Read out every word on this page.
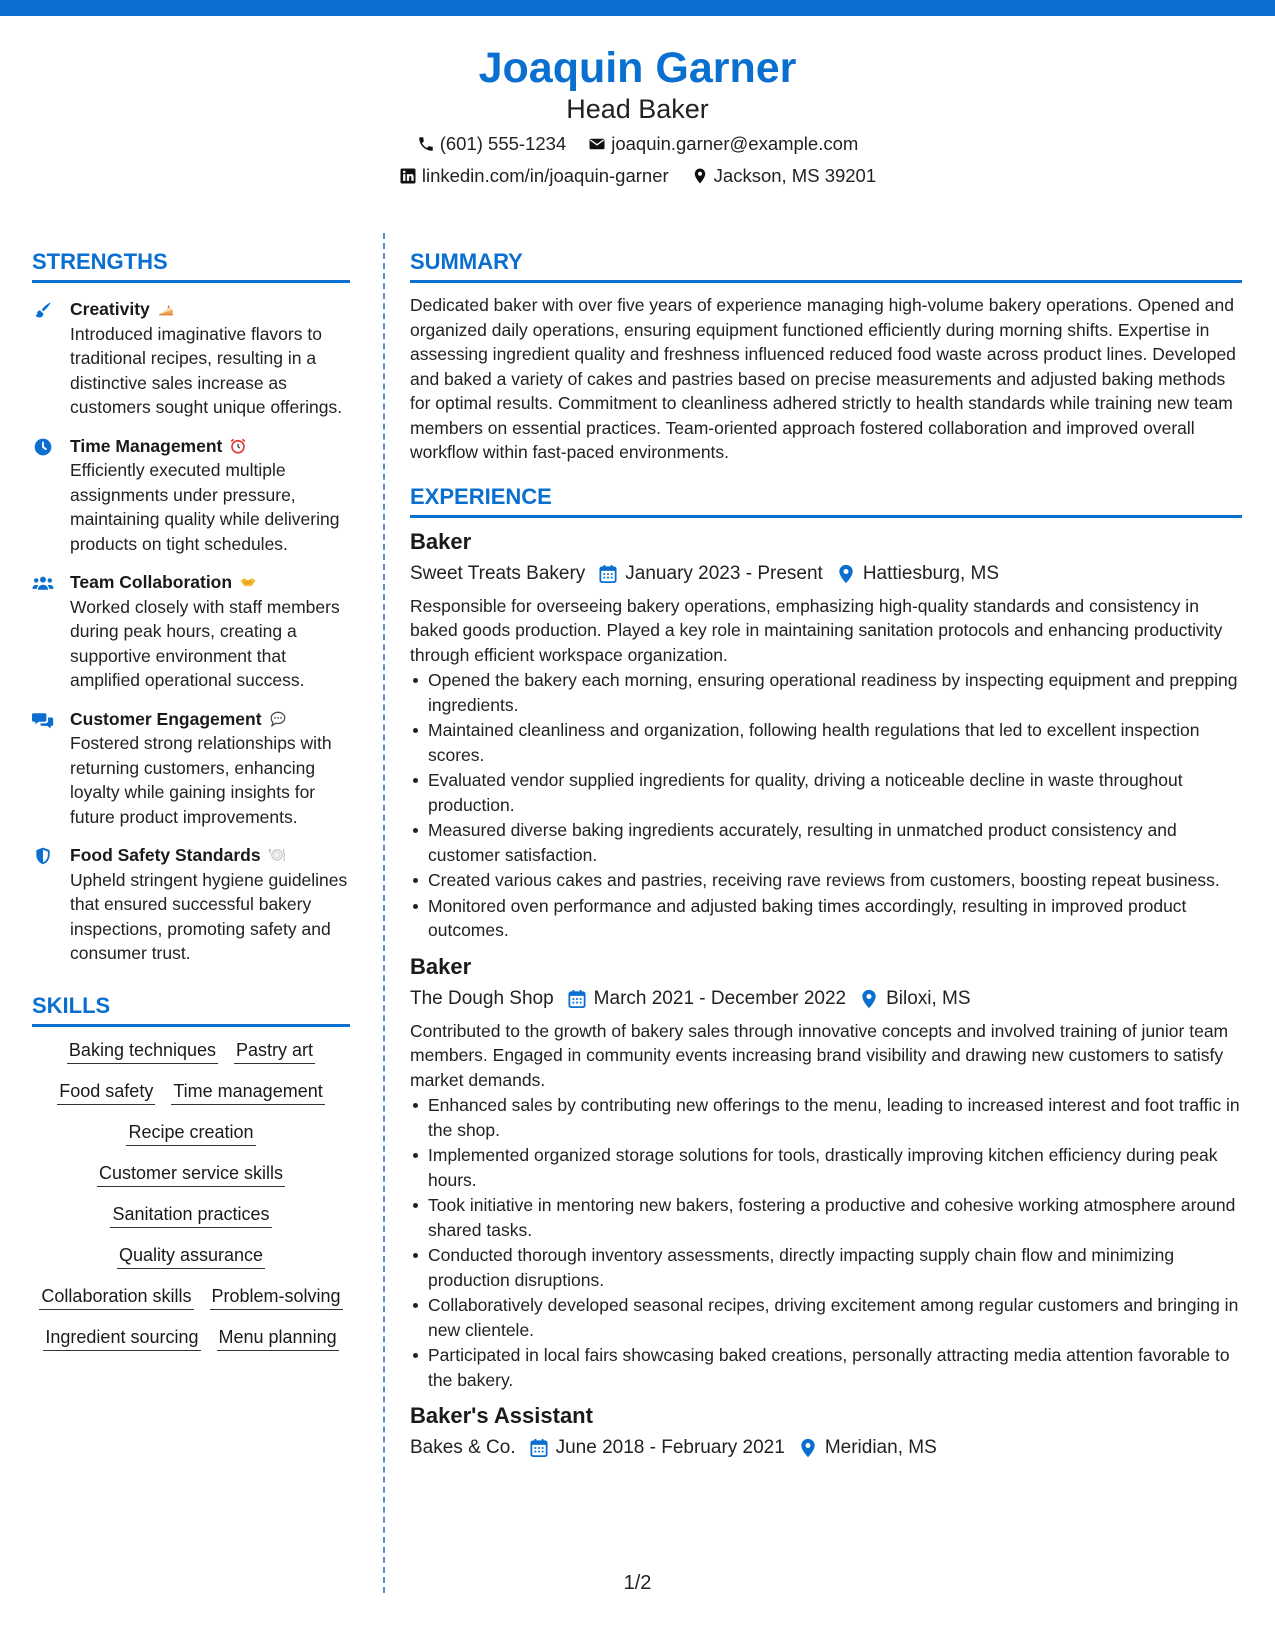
Joaquin Garner
Head Baker
(601) 555-1234 joaquin.garner@example.com
linkedin.com/in/joaquin-garner Jackson, MS 39201
STRENGTHS
Creativity
Introduced imaginative flavors to traditional recipes, resulting in a distinctive sales increase as customers sought unique offerings.
Time Management
Efficiently executed multiple assignments under pressure, maintaining quality while delivering products on tight schedules.
Team Collaboration
Worked closely with staff members during peak hours, creating a supportive environment that amplified operational success.
Customer Engagement
Fostered strong relationships with returning customers, enhancing loyalty while gaining insights for future product improvements.
Food Safety Standards
Upheld stringent hygiene guidelines that ensured successful bakery inspections, promoting safety and consumer trust.
SKILLS
Baking techniques Pastry art
Food safety Time management
Recipe creation
Customer service skills
Sanitation practices
Quality assurance
Collaboration skills Problem-solving
Ingredient sourcing Menu planning
SUMMARY
Dedicated baker with over five years of experience managing high-volume bakery operations. Opened and organized daily operations, ensuring equipment functioned efficiently during morning shifts. Expertise in assessing ingredient quality and freshness influenced reduced food waste across product lines. Developed and baked a variety of cakes and pastries based on precise measurements and adjusted baking methods for optimal results. Commitment to cleanliness adhered strictly to health standards while training new team members on essential practices. Team-oriented approach fostered collaboration and improved overall workflow within fast-paced environments.
EXPERIENCE
Baker
Sweet Treats Bakery January 2023 - Present Hattiesburg, MS
Responsible for overseeing bakery operations, emphasizing high-quality standards and consistency in baked goods production. Played a key role in maintaining sanitation protocols and enhancing productivity through efficient workspace organization.
Opened the bakery each morning, ensuring operational readiness by inspecting equipment and prepping ingredients.
Maintained cleanliness and organization, following health regulations that led to excellent inspection scores.
Evaluated vendor supplied ingredients for quality, driving a noticeable decline in waste throughout production.
Measured diverse baking ingredients accurately, resulting in unmatched product consistency and customer satisfaction.
Created various cakes and pastries, receiving rave reviews from customers, boosting repeat business.
Monitored oven performance and adjusted baking times accordingly, resulting in improved product outcomes.
Baker
The Dough Shop March 2021 - December 2022 Biloxi, MS
Contributed to the growth of bakery sales through innovative concepts and involved training of junior team members. Engaged in community events increasing brand visibility and drawing new customers to satisfy market demands.
Enhanced sales by contributing new offerings to the menu, leading to increased interest and foot traffic in the shop.
Implemented organized storage solutions for tools, drastically improving kitchen efficiency during peak hours.
Took initiative in mentoring new bakers, fostering a productive and cohesive working atmosphere around shared tasks.
Conducted thorough inventory assessments, directly impacting supply chain flow and minimizing production disruptions.
Collaboratively developed seasonal recipes, driving excitement among regular customers and bringing in new clientele.
Participated in local fairs showcasing baked creations, personally attracting media attention favorable to the bakery.
Baker's Assistant
Bakes & Co. June 2018 - February 2021 Meridian, MS
1/2
